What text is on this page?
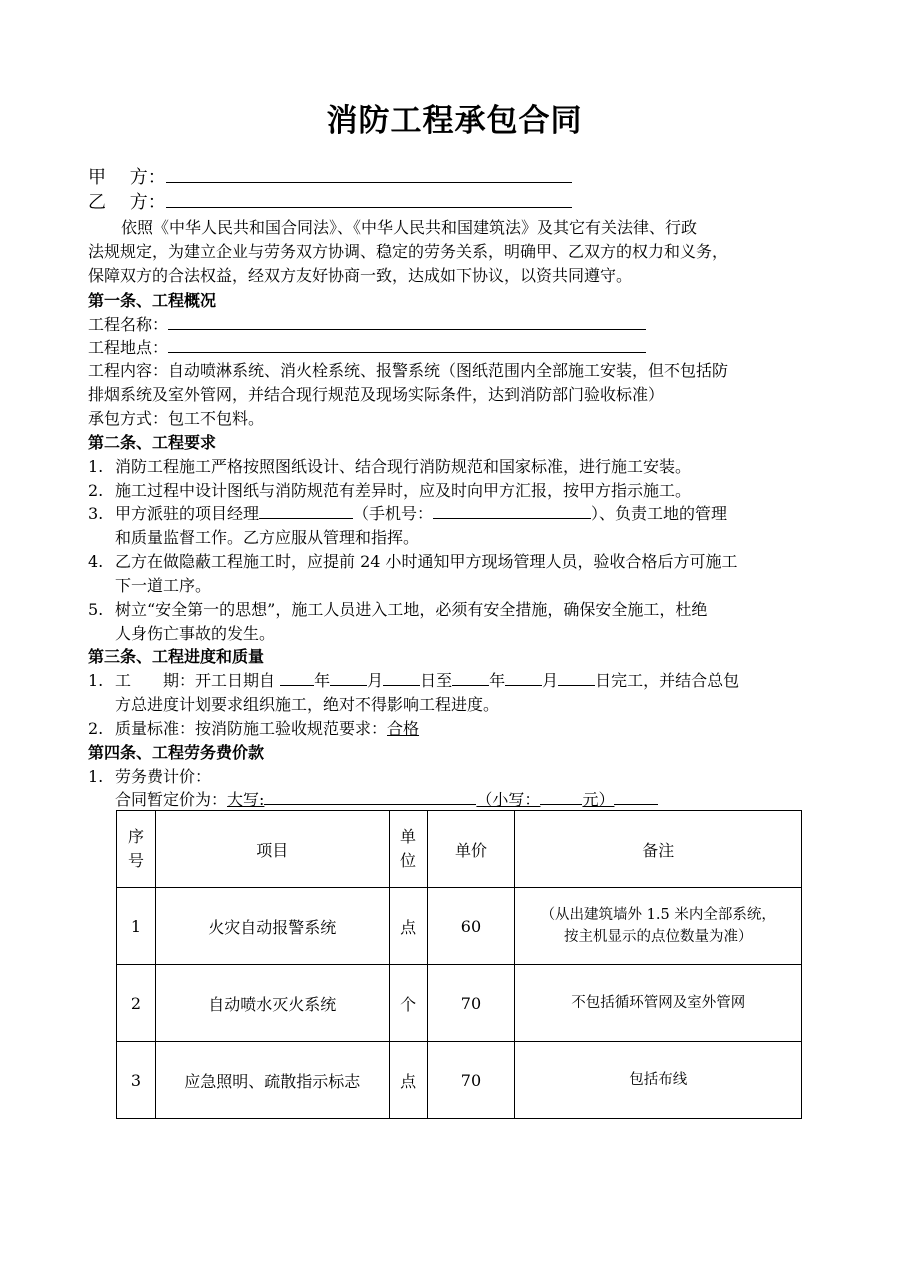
消防工程承包合同
甲　 方：
乙　 方：
依照《中华人民共和国合同法》、《中华人民共和国建筑法》及其它有关法律、行政
法规规定，为建立企业与劳务双方协调、稳定的劳务关系，明确甲、乙双方的权力和义务，
保障双方的合法权益，经双方友好协商一致，达成如下协议，以资共同遵守。
第一条、工程概况
工程名称：
工程地点：
工程内容：自动喷淋系统、消火栓系统、报警系统（图纸范围内全部施工安装，但不包括防
排烟系统及室外管网，并结合现行规范及现场实际条件，达到消防部门验收标准）
承包方式：包工不包料。
第二条、工程要求
1. 消防工程施工严格按照图纸设计、结合现行消防规范和国家标准，进行施工安装。
2. 施工过程中设计图纸与消防规范有差异时，应及时向甲方汇报，按甲方指示施工。
3. 甲方派驻的项目经理	（手机号：	）、负责工地的管理
和质量监督工作。乙方应服从管理和指挥。
4. 乙方在做隐蔽工程施工时，应提前 24 小时通知甲方现场管理人员，验收合格后方可施工
下一道工序。
5. 树立“安全第一的思想”，施工人员进入工地，必须有安全措施，确保安全施工，杜绝
人身伤亡事故的发生。
第三条、工程进度和质量
1. 工　　期：开工日期自 年 月 日至 年 月 日完工，并结合总包
方总进度计划要求组织施工，绝对不得影响工程进度。
2. 质量标准：按消防施工验收规范要求：合格
第四条、工程劳务费价款
1. 劳务费计价：
合同暂定价为：大写:	（小写：	元）
序号	项目	单位	单价	备注
1	火灾自动报警系统	点	60	（从出建筑墙外 1.5 米内全部系统，
按主机显示的点位数量为准）

2	自动喷水灭火系统	个	70	不包括循环管网及室外管网
3	应急照明、疏散指示标志	点	70	包括布线
